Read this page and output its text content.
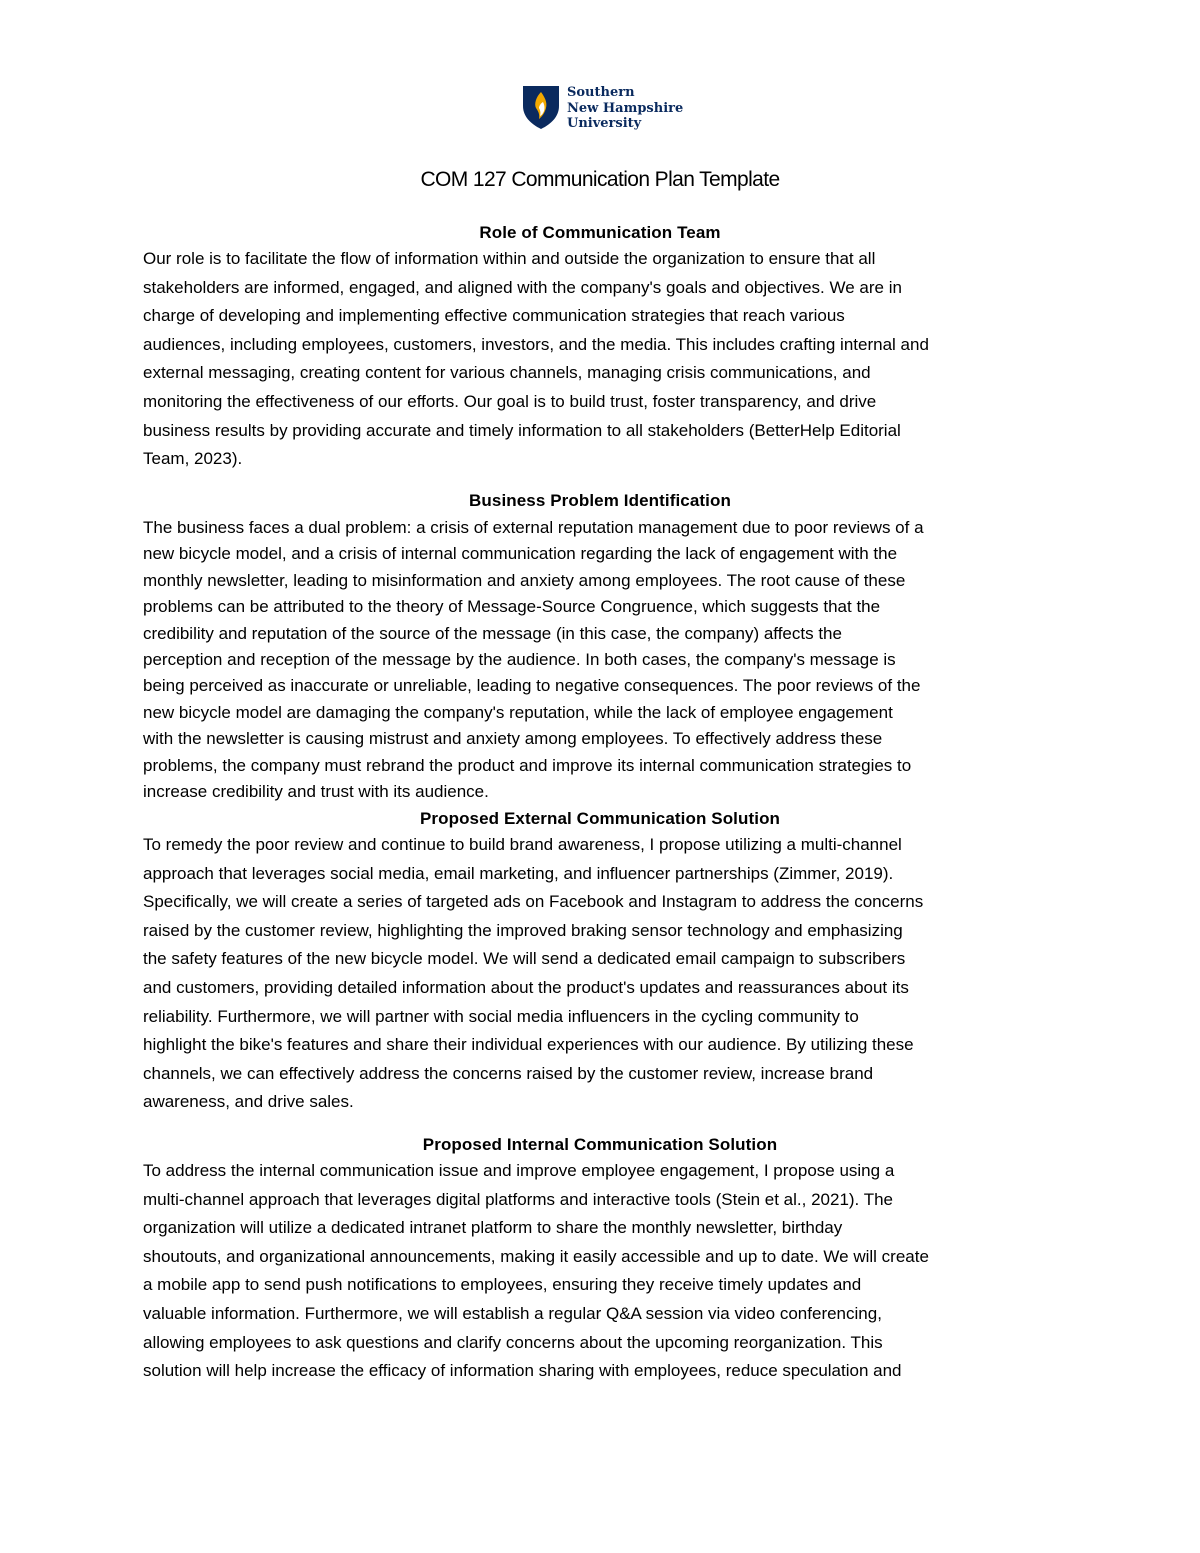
Southern
New Hampshire
University
COM 127 Communication Plan Template
Role of Communication Team

Our role is to facilitate the flow of information within and outside the organization to ensure that all
stakeholders are informed, engaged, and aligned with the company's goals and objectives. We are in
charge of developing and implementing effective communication strategies that reach various
audiences, including employees, customers, investors, and the media. This includes crafting internal and
external messaging, creating content for various channels, managing crisis communications, and
monitoring the effectiveness of our efforts. Our goal is to build trust, foster transparency, and drive
business results by providing accurate and timely information to all stakeholders (BetterHelp Editorial
Team, 2023).

Business Problem Identification

The business faces a dual problem: a crisis of external reputation management due to poor reviews of a
new bicycle model, and a crisis of internal communication regarding the lack of engagement with the
monthly newsletter, leading to misinformation and anxiety among employees. The root cause of these
problems can be attributed to the theory of Message-Source Congruence, which suggests that the
credibility and reputation of the source of the message (in this case, the company) affects the
perception and reception of the message by the audience. In both cases, the company's message is
being perceived as inaccurate or unreliable, leading to negative consequences. The poor reviews of the
new bicycle model are damaging the company's reputation, while the lack of employee engagement
with the newsletter is causing mistrust and anxiety among employees. To effectively address these
problems, the company must rebrand the product and improve its internal communication strategies to
increase credibility and trust with its audience.

Proposed External Communication Solution

To remedy the poor review and continue to build brand awareness, I propose utilizing a multi-channel
approach that leverages social media, email marketing, and influencer partnerships (Zimmer, 2019).
Specifically, we will create a series of targeted ads on Facebook and Instagram to address the concerns
raised by the customer review, highlighting the improved braking sensor technology and emphasizing
the safety features of the new bicycle model. We will send a dedicated email campaign to subscribers
and customers, providing detailed information about the product's updates and reassurances about its
reliability. Furthermore, we will partner with social media influencers in the cycling community to
highlight the bike's features and share their individual experiences with our audience. By utilizing these
channels, we can effectively address the concerns raised by the customer review, increase brand
awareness, and drive sales.

Proposed Internal Communication Solution

To address the internal communication issue and improve employee engagement, I propose using a
multi-channel approach that leverages digital platforms and interactive tools (Stein et al., 2021). The
organization will utilize a dedicated intranet platform to share the monthly newsletter, birthday
shoutouts, and organizational announcements, making it easily accessible and up to date. We will create
a mobile app to send push notifications to employees, ensuring they receive timely updates and
valuable information. Furthermore, we will establish a regular Q&A session via video conferencing,
allowing employees to ask questions and clarify concerns about the upcoming reorganization. This
solution will help increase the efficacy of information sharing with employees, reduce speculation and
